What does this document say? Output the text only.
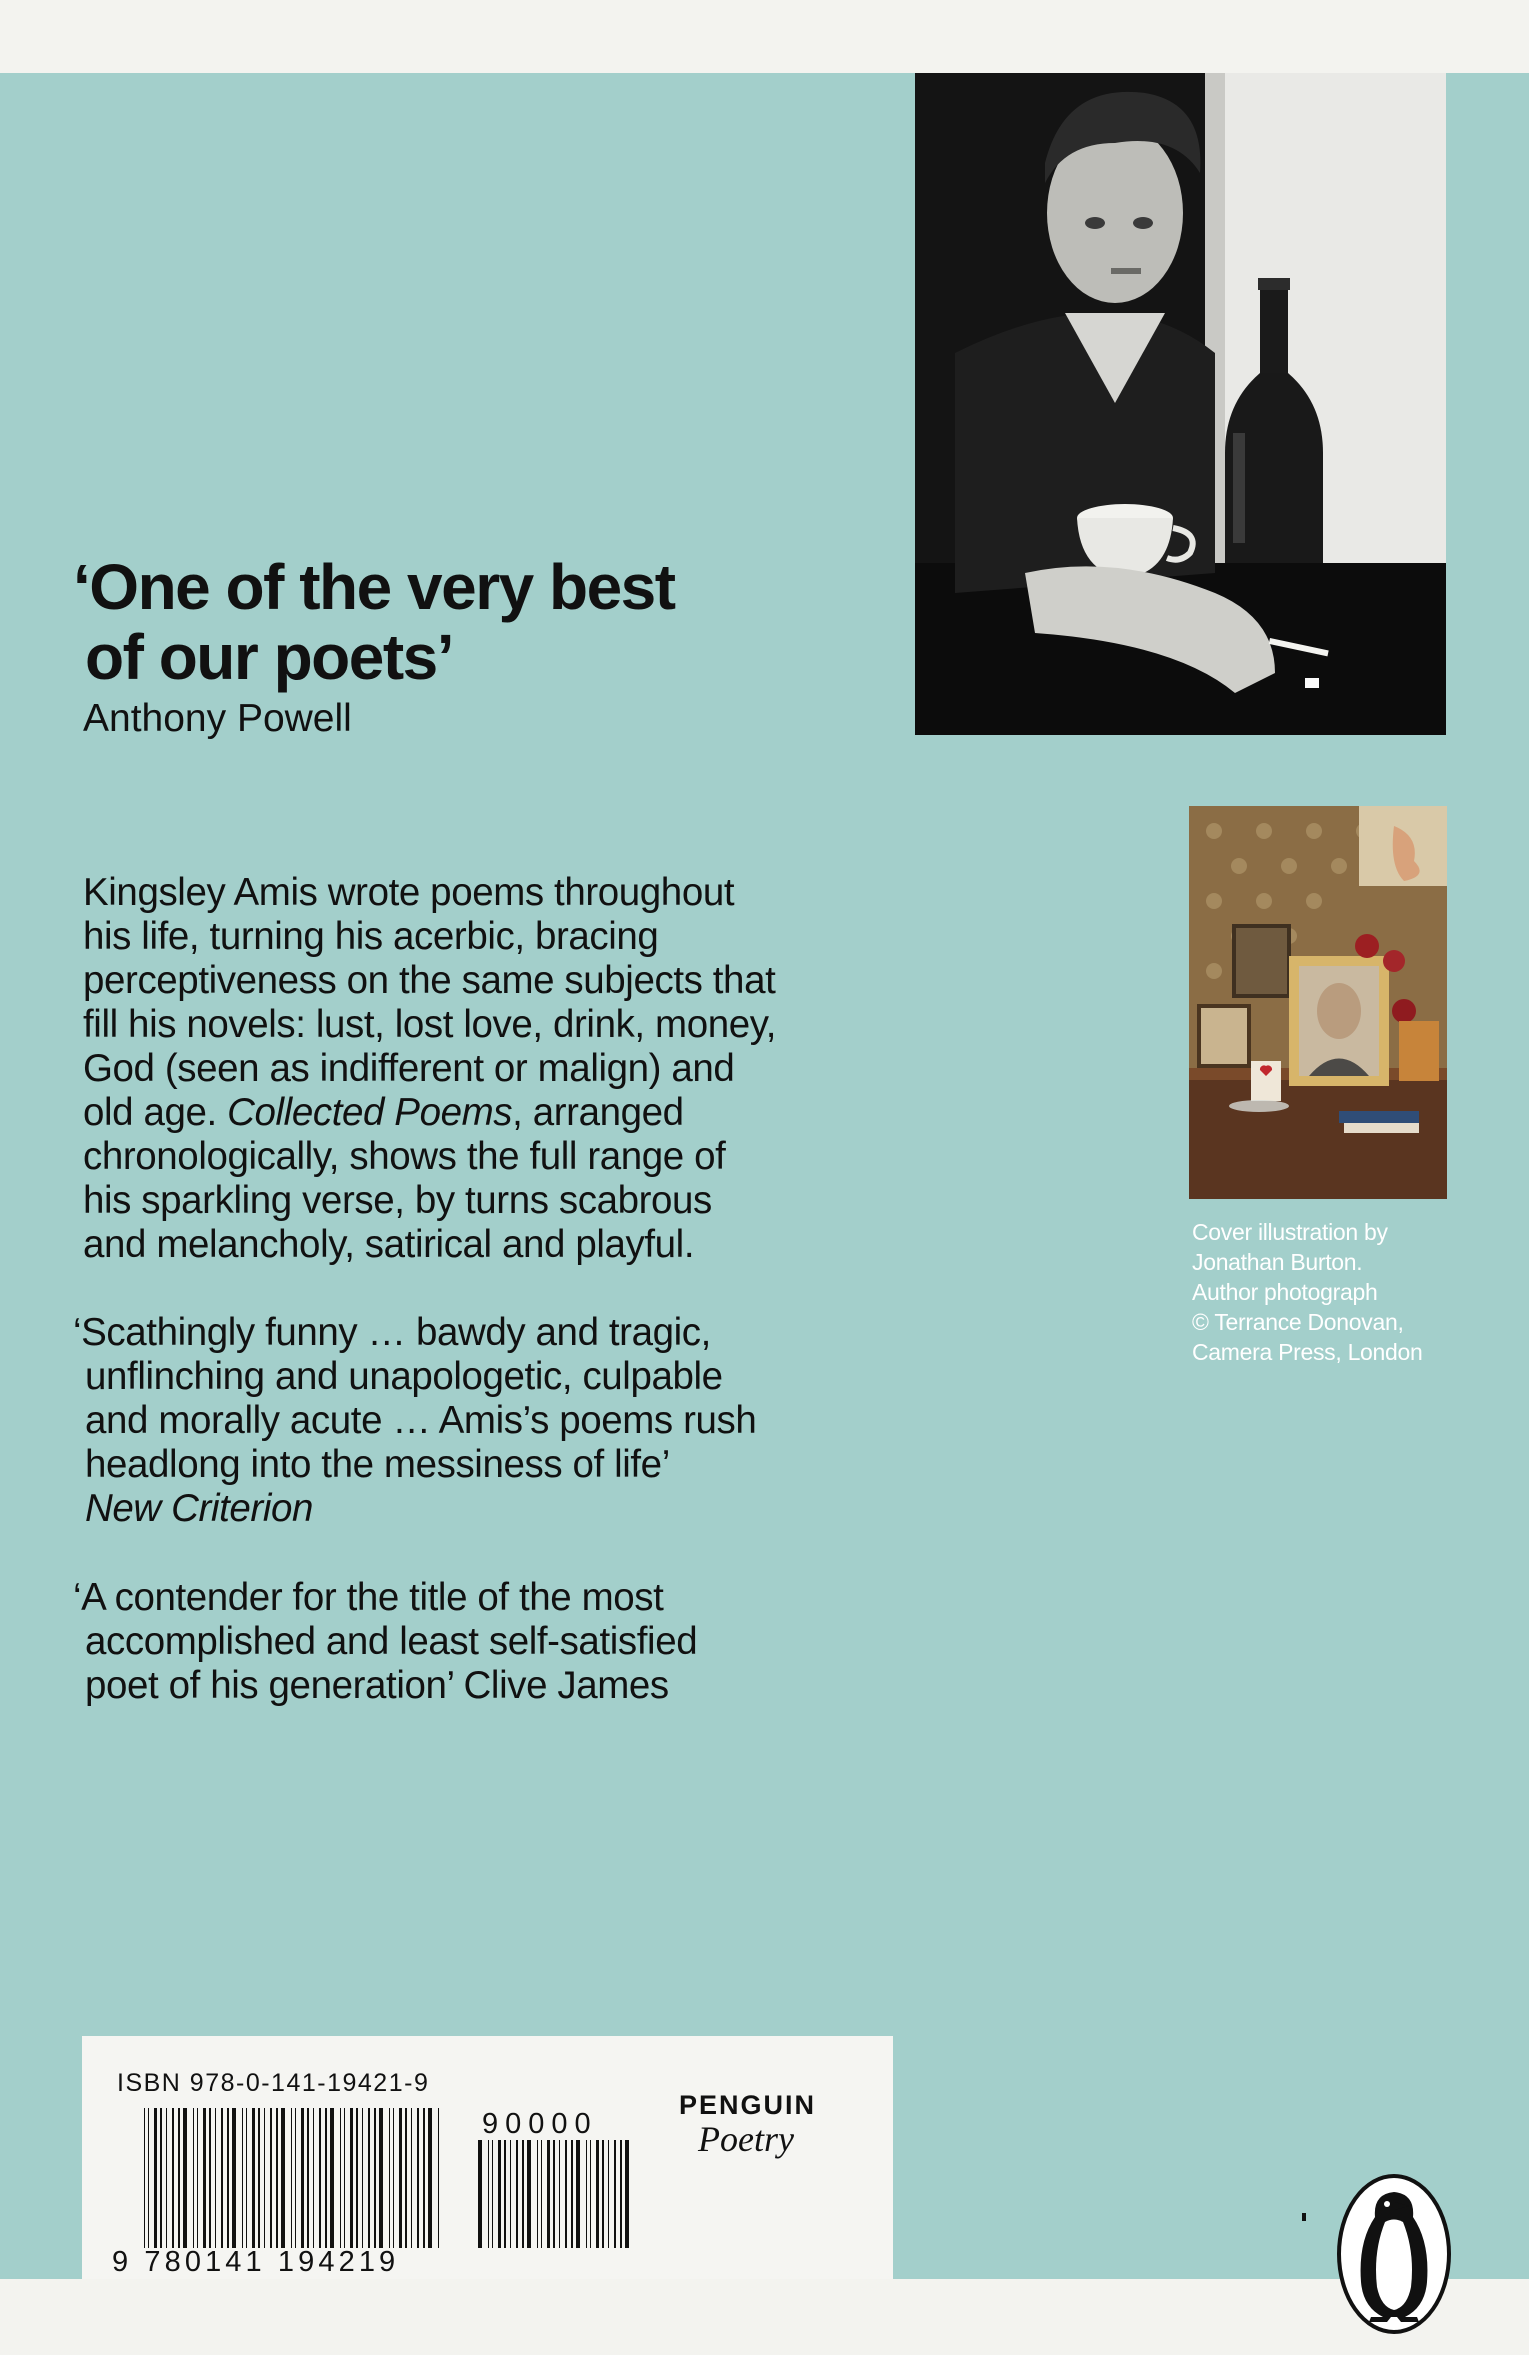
‘One of the very best
of our poets’
Anthony Powell
Kingsley Amis wrote poems throughout
his life, turning his acerbic, bracing
perceptiveness on the same subjects that
fill his novels: lust, lost love, drink, money,
God (seen as indifferent or malign) and
old age. Collected Poems, arranged
chronologically, shows the full range of
his sparkling verse, by turns scabrous
and melancholy, satirical and playful.
‘Scathingly funny … bawdy and tragic,
unflinching and unapologetic, culpable
and morally acute … Amis’s poems rush
headlong into the messiness of life’
New Criterion
‘A contender for the title of the most
accomplished and least self-satisfied
poet of his generation’ Clive James
Cover illustration by
Jonathan Burton.
Author photograph
© Terrance Donovan,
Camera Press, London
ISBN 978-0-141-19421-9
90000
9 780141 194219
PENGUIN
Poetry
